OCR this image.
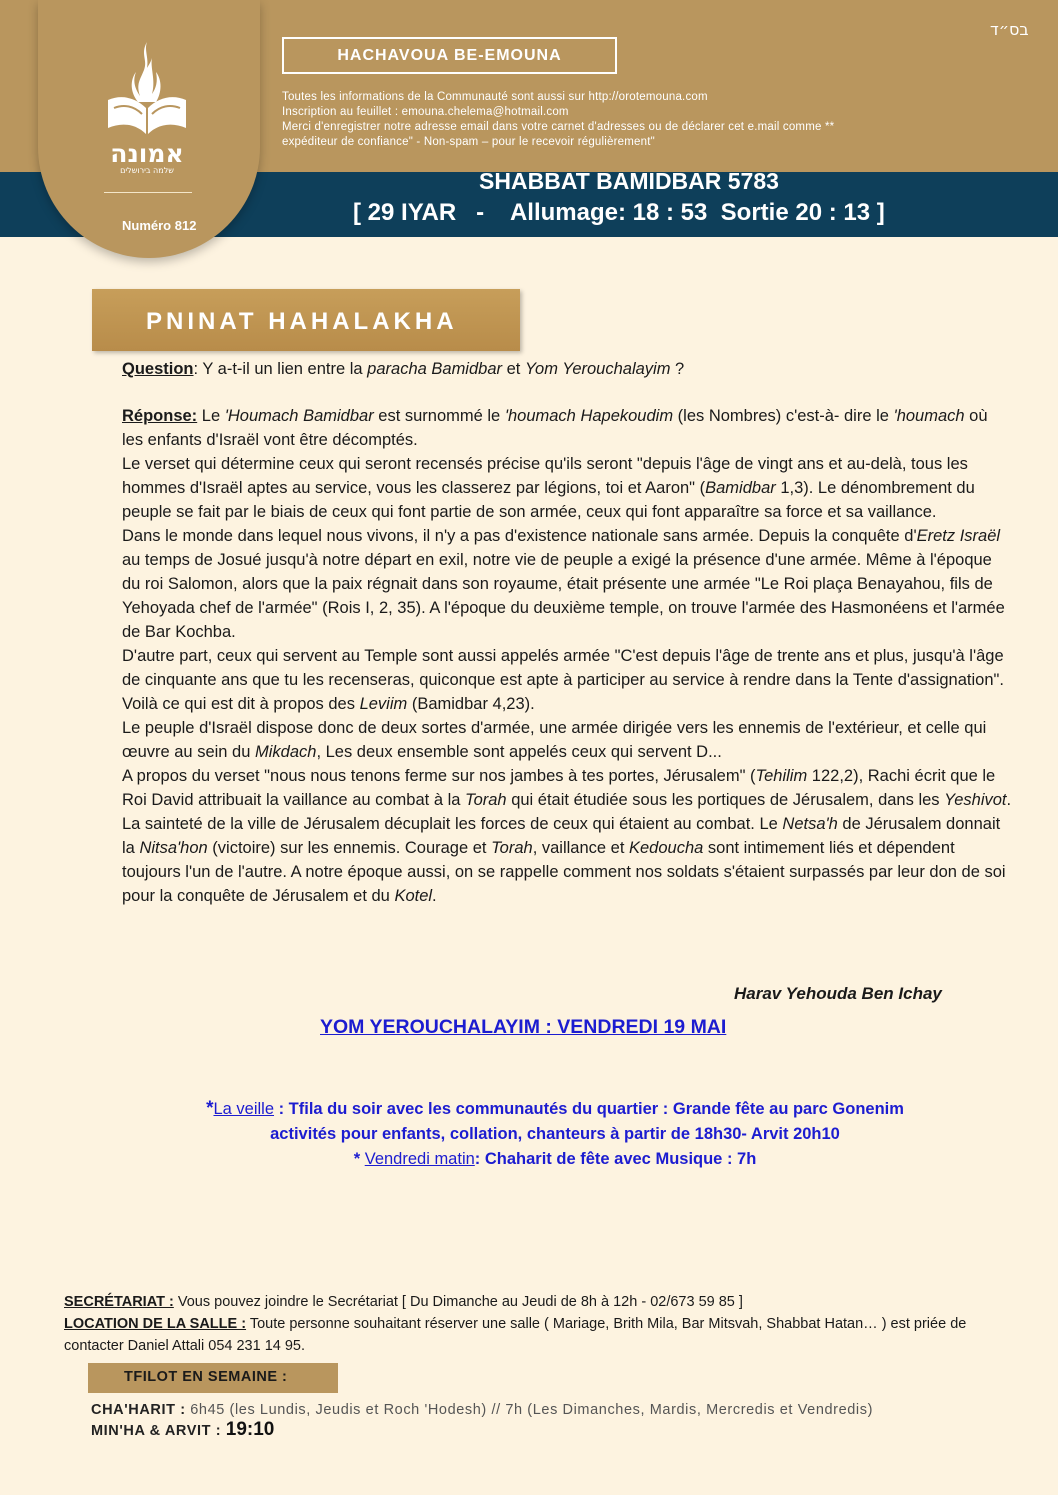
אמונה
שלמה בירושלים
Numéro 812
בס״ד
HACHAVOUA BE-EMOUNA
Toutes les informations de la Communauté sont aussi sur http://orotemouna.com
Inscription au feuillet : emouna.chelema@hotmail.com
Merci d'enregistrer notre adresse email dans votre carnet d'adresses ou de déclarer cet e.mail comme **
expéditeur de confiance" - Non-spam – pour le recevoir régulièrement"
SHABBAT BAMIDBAR 5783
[ 29 IYAR   -    Allumage: 18 : 53  Sortie 20 : 13 ]
PNINAT HAHALAKHA

Question: Y a-t-il un lien entre la paracha Bamidbar et Yom Yerouchalayim ?

Réponse: Le 'Houmach Bamidbar est surnommé le 'houmach Hapekoudim (les Nombres) c'est-à- dire le 'houmach où les enfants d'Israël vont être décomptés.

Le verset qui détermine ceux qui seront recensés précise qu'ils seront "depuis l'âge de vingt ans et au-delà, tous les hommes d'Israël aptes au service, vous les classerez par légions, toi et Aaron" (Bamidbar 1,3). Le dénombrement du peuple se fait par le biais de ceux qui font partie de son armée, ceux qui font apparaître sa force et sa vaillance.

Dans le monde dans lequel nous vivons, il n'y a pas d'existence nationale sans armée. Depuis la conquête d'Eretz Israël au temps de Josué jusqu'à notre départ en exil, notre vie de peuple a exigé la présence d'une armée. Même à l'époque du roi Salomon, alors que la paix régnait dans son royaume, était présente une armée "Le Roi plaça Benayahou, fils de Yehoyada chef de l'armée" (Rois I, 2, 35). A l'époque du deuxième temple, on trouve l'armée des Hasmonéens et l'armée de Bar Kochba.

D'autre part, ceux qui servent au Temple sont aussi appelés armée "C'est depuis l'âge de trente ans et plus, jusqu'à l'âge de cinquante ans que tu les recenseras, quiconque est apte à participer au service à rendre dans la Tente d'assignation". Voilà ce qui est dit à propos des Leviim (Bamidbar 4,23).

Le peuple d'Israël dispose donc de deux sortes d'armée, une armée dirigée vers les ennemis de l'extérieur, et celle qui œuvre au sein du Mikdach, Les deux ensemble sont appelés ceux qui servent D...

A propos du verset "nous nous tenons ferme sur nos jambes à tes portes, Jérusalem" (Tehilim 122,2), Rachi écrit que le Roi David attribuait la vaillance au combat à la Torah qui était étudiée sous les portiques de Jérusalem, dans les Yeshivot.

La sainteté de la ville de Jérusalem décuplait les forces de ceux qui étaient au combat. Le Netsa'h de Jérusalem donnait la Nitsa'hon (victoire) sur les ennemis. Courage et Torah, vaillance et Kedoucha sont intimement liés et dépendent toujours l'un de l'autre. A notre époque aussi, on se rappelle comment nos soldats s'étaient surpassés par leur don de soi pour la conquête de Jérusalem et du Kotel.

Harav Yehouda Ben Ichay
YOM YEROUCHALAYIM : VENDREDI 19 MAI
*La veille : Tfila du soir avec les communautés du quartier : Grande fête au parc Gonenim
activités pour enfants, collation, chanteurs à partir de 18h30- Arvit 20h10
* Vendredi matin: Chaharit de fête avec Musique : 7h
SECRÉTARIAT : Vous pouvez joindre le Secrétariat [ Du Dimanche au Jeudi de 8h à 12h - 02/673 59 85 ]
LOCATION DE LA SALLE : Toute personne souhaitant réserver une salle ( Mariage, Brith Mila, Bar Mitsvah, Shabbat Hatan… ) est priée de contacter Daniel Attali 054 231 14 95.
TFILOT EN SEMAINE :
CHA'HARIT : 6h45 (les Lundis, Jeudis et Roch 'Hodesh) // 7h (Les Dimanches, Mardis, Mercredis et Vendredis)
MIN'HA & ARVIT : 19:10
